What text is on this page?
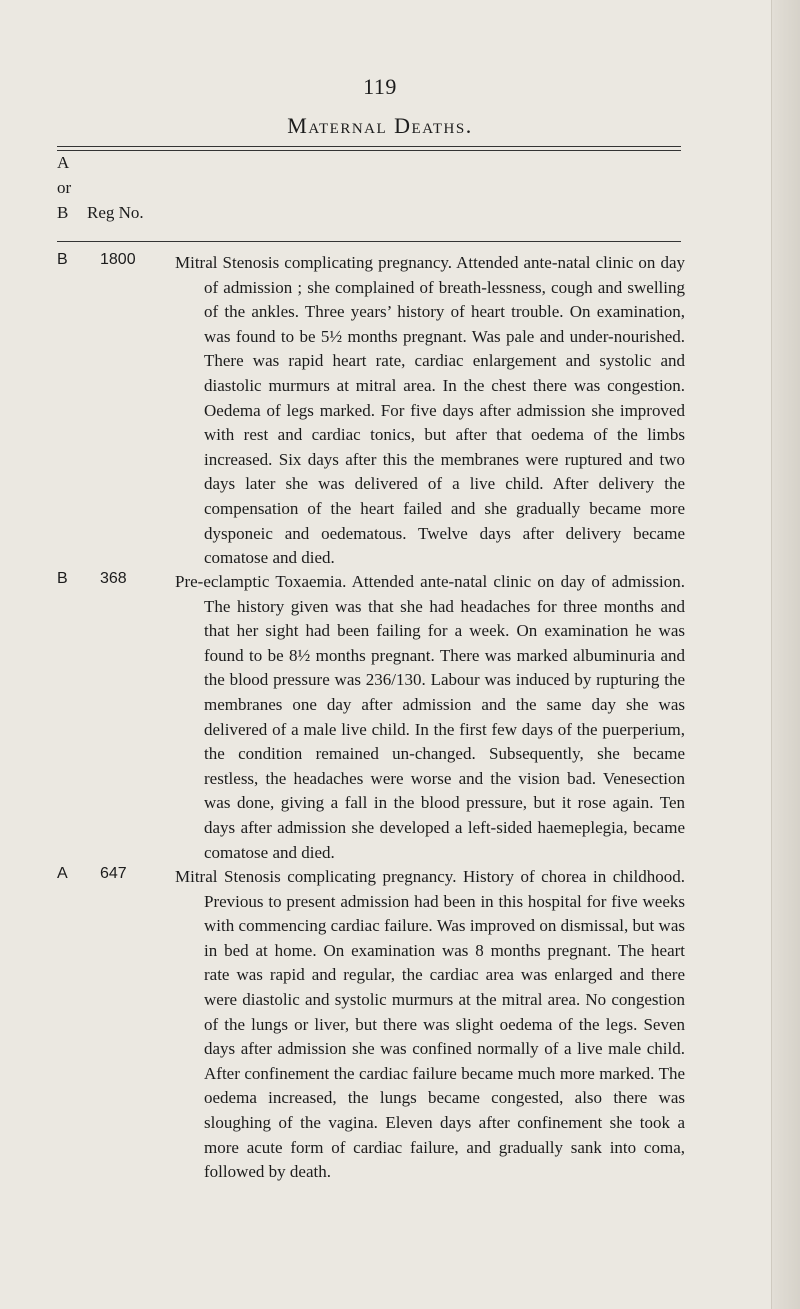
119
Maternal Deaths.
A
or
B Reg No.
B 1800 Mitral Stenosis complicating pregnancy. Attended ante-natal clinic on day of admission ; she complained of breath-lessness, cough and swelling of the ankles. Three years’ history of heart trouble. On examination, was found to be 5½ months pregnant. Was pale and under-nourished. There was rapid heart rate, cardiac enlargement and systolic and diastolic murmurs at mitral area. In the chest there was congestion. Oedema of legs marked. For five days after admission she improved with rest and cardiac tonics, but after that oedema of the limbs increased. Six days after this the membranes were ruptured and two days later she was delivered of a live child. After delivery the compensation of the heart failed and she gradually became more dysponeic and oedematous. Twelve days after delivery became comatose and died.
B 368	Pre-eclamptic Toxaemia. Attended ante-natal clinic on day of admission. The history given was that she had headaches for three months and that her sight had been failing for a week. On examination he was found to be 8½ months pregnant. There was marked albuminuria and the blood pressure was 236/130. Labour was induced by rupturing the membranes one day after admission and the same day she was delivered of a male live child. In the first few days of the puerperium, the condition remained un-changed. Subsequently, she became restless, the headaches were worse and the vision bad. Venesection was done, giving a fall in the blood pressure, but it rose again. Ten days after admission she developed a left-sided haemeplegia, became comatose and died.
A 647	Mitral Stenosis complicating pregnancy. History of chorea in childhood. Previous to present admission had been in this hospital for five weeks with commencing cardiac failure. Was improved on dismissal, but was in bed at home. On examination was 8 months pregnant. The heart rate was rapid and regular, the cardiac area was enlarged and there were diastolic and systolic murmurs at the mitral area. No congestion of the lungs or liver, but there was slight oedema of the legs. Seven days after admission she was confined normally of a live male child. After confinement the cardiac failure became much more marked. The oedema increased, the lungs became congested, also there was sloughing of the vagina. Eleven days after confinement she took a more acute form of cardiac failure, and gradually sank into coma, followed by death.
